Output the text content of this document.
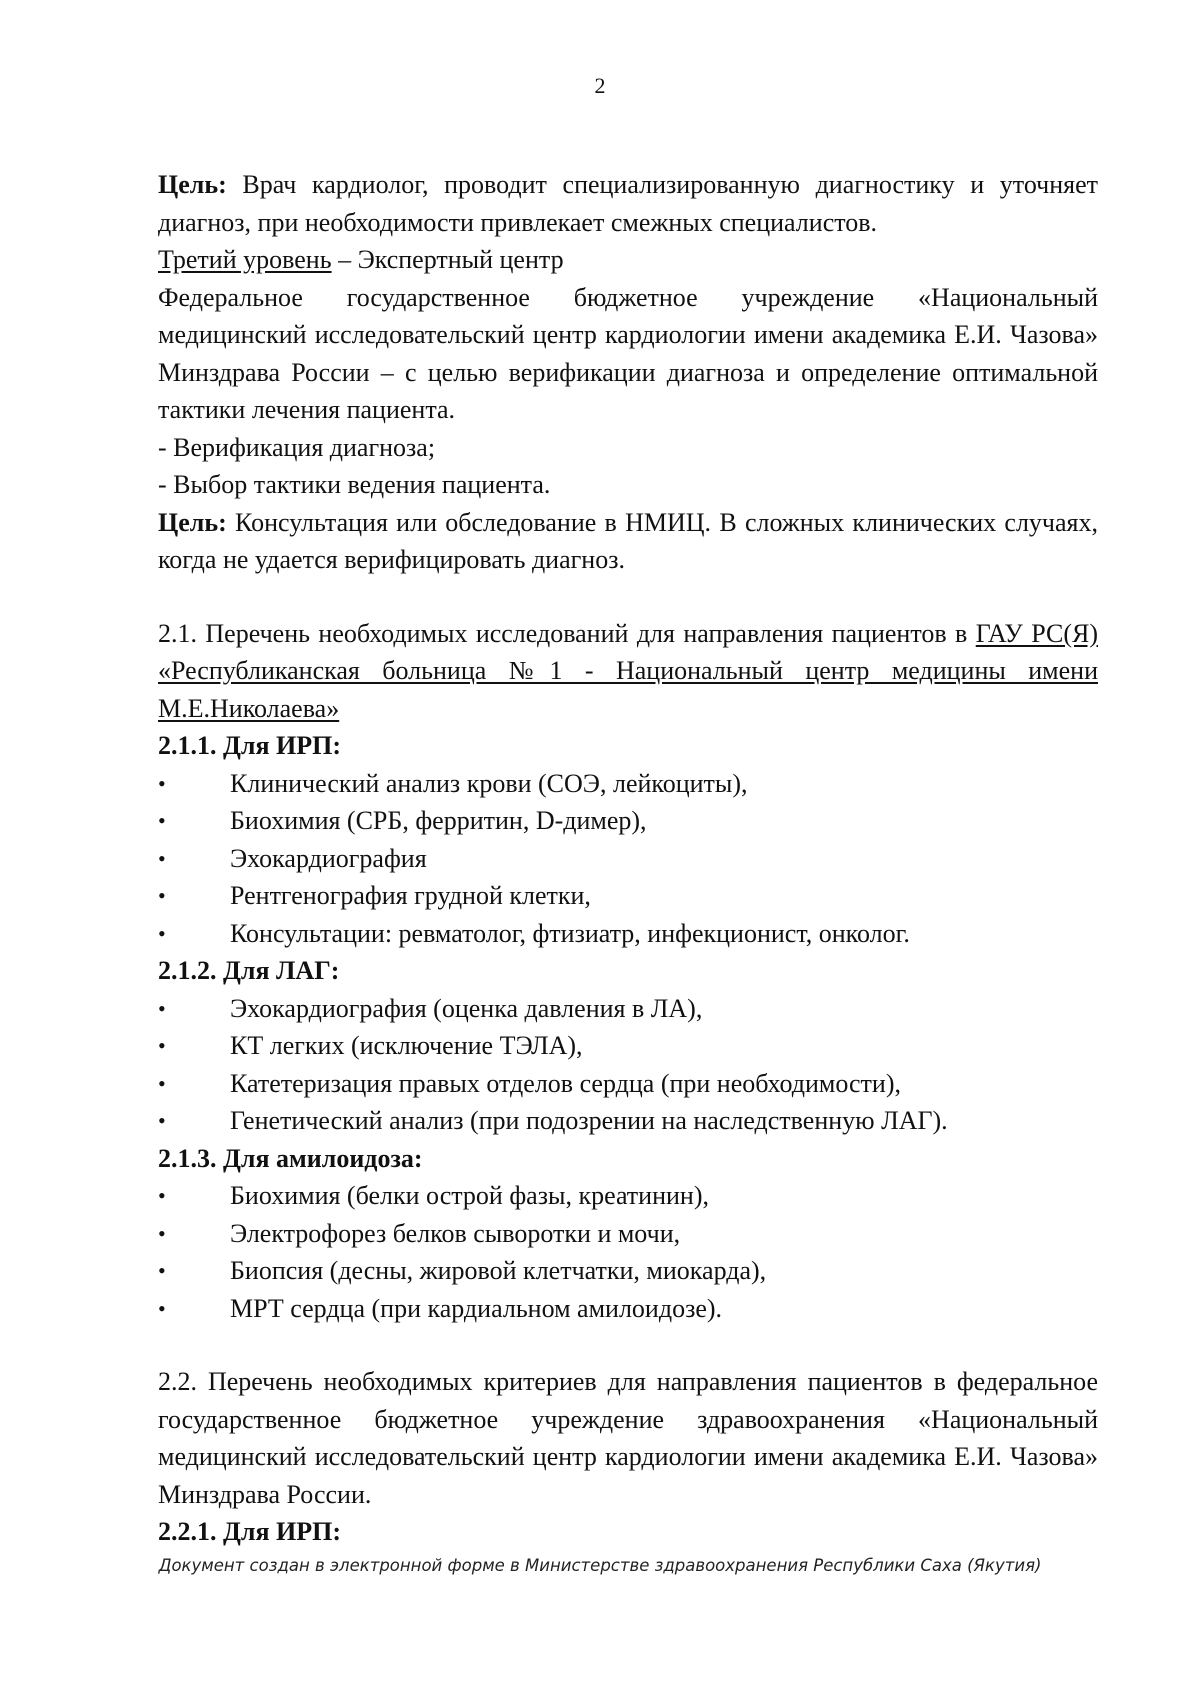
2

Цель: Врач кардиолог, проводит специализированную диагностику и уточняет диагноз, при необходимости привлекает смежных специалистов.

Третий уровень – Экспертный центр

Федеральное государственное бюджетное учреждение «Национальный медицинский исследовательский центр кардиологии имени академика Е.И. Чазова» Минздрава России – с целью верификации диагноза и определение оптимальной тактики лечения пациента.

- Верификация диагноза;

- Выбор тактики ведения пациента.

Цель: Консультация или обследование в НМИЦ. В сложных клинических случаях, когда не удается верифицировать диагноз.

2.1. Перечень необходимых исследований для направления пациентов в ГАУ РС(Я) «Республиканская больница №1 - Национальный центр медицины имени М.Е.Николаева»

2.1.1. Для ИРП:

• Клинический анализ крови (СОЭ, лейкоциты),
• Биохимия (СРБ, ферритин, D-димер),
• Эхокардиография
• Рентгенография грудной клетки,
• Консультации: ревматолог, фтизиатр, инфекционист, онколог.

2.1.2. Для ЛАГ:

• Эхокардиография (оценка давления в ЛА),
• КТ легких (исключение ТЭЛА),
• Катетеризация правых отделов сердца (при необходимости),
• Генетический анализ (при подозрении на наследственную ЛАГ).

2.1.3. Для амилоидоза:

• Биохимия (белки острой фазы, креатинин),
• Электрофорез белков сыворотки и мочи,
• Биопсия (десны, жировой клетчатки, миокарда),
• МРТ сердца (при кардиальном амилоидозе).

2.2. Перечень необходимых критериев для направления пациентов в федеральное государственное бюджетное учреждение здравоохранения «Национальный медицинский исследовательский центр кардиологии имени академика Е.И. Чазова» Минздрава России.

2.2.1. Для ИРП:

Документ создан в электронной форме в Министерстве здравоохранения Республики Саха (Якутия)
